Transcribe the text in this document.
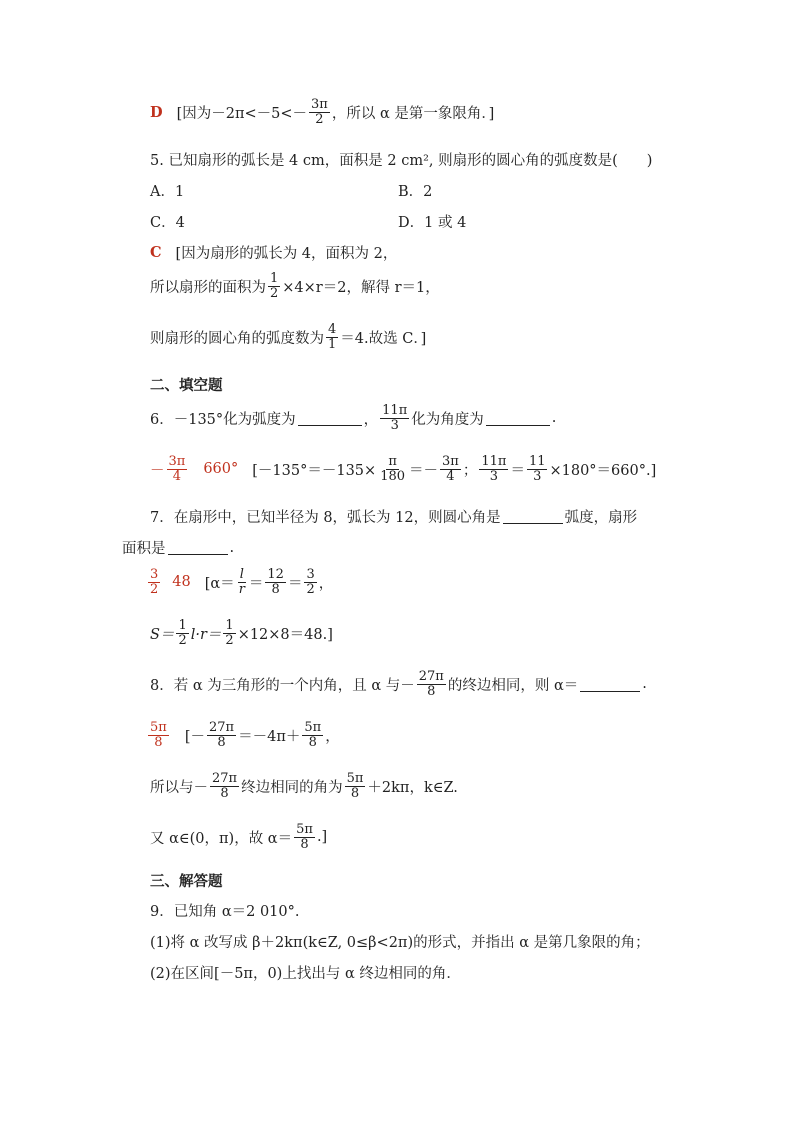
D [因为$-2\pi<-5<- \frac{3\pi}{2}$ ，所以 α 是第一象限角．]
5. 已知扇形的弧长是 4 cm，面积是 2 cm², 则扇形的圆心角的弧度数是(　　)
A．1	B．2
C．4	D．1 或 4
C [因为扇形的弧长为 4，面积为 2，
所以扇形的面积为 $\frac{1}{2} \times 4\times r=2$，解得 r＝1，
则扇形的圆心角的弧度数为 $\frac{4}{1} =4$.故选 C．]
二、填空题
6．－135°化为弧度为	， $\frac{11\pi}{3}$ 化为角度为	.
－ $\frac{3\pi}{4} 660^\circ$ [$-135^\circ=-135\times \frac{\pi}{180} =- \frac{3\pi}{4}$ ； $\frac{11\pi}{3} = \frac{11}{3} \times 180^\circ=660^\circ$.]
7．在扇形中，已知半径为 8，弧长为 12，则圆心角是	弧度，扇形
面积是	.
$\frac{3}{2} 48$ [$\alpha= \frac{l}{r} = \frac{12}{8} = \frac{3}{2}$ ，
$S= \frac{1}{2} l\cdot r= \frac{1}{2} \times 12\times 8=48$.]
8．若 α 为三角形的一个内角，且 α 与－ $\frac{27\pi}{8}$ 的终边相同，则 α＝	.
$\frac{5\pi}{8}$ [－ $\frac{27\pi}{8} =-4\pi+ \frac{5\pi}{8}$ ，
所以与－ $\frac{27\pi}{8}$ 终边相同的角为 $\frac{5\pi}{8} +2k\pi$，k∈Z.
又 α∈(0，π)，故 $\alpha= \frac{5\pi}{8}$ .]
三、解答题
9．已知角 α＝2 010°.
(1)将 α 改写成 β＋2kπ(k∈Z, 0≤β<2π)的形式，并指出 α 是第几象限的角；
(2)在区间[－5π，0)上找出与 α 终边相同的角．
